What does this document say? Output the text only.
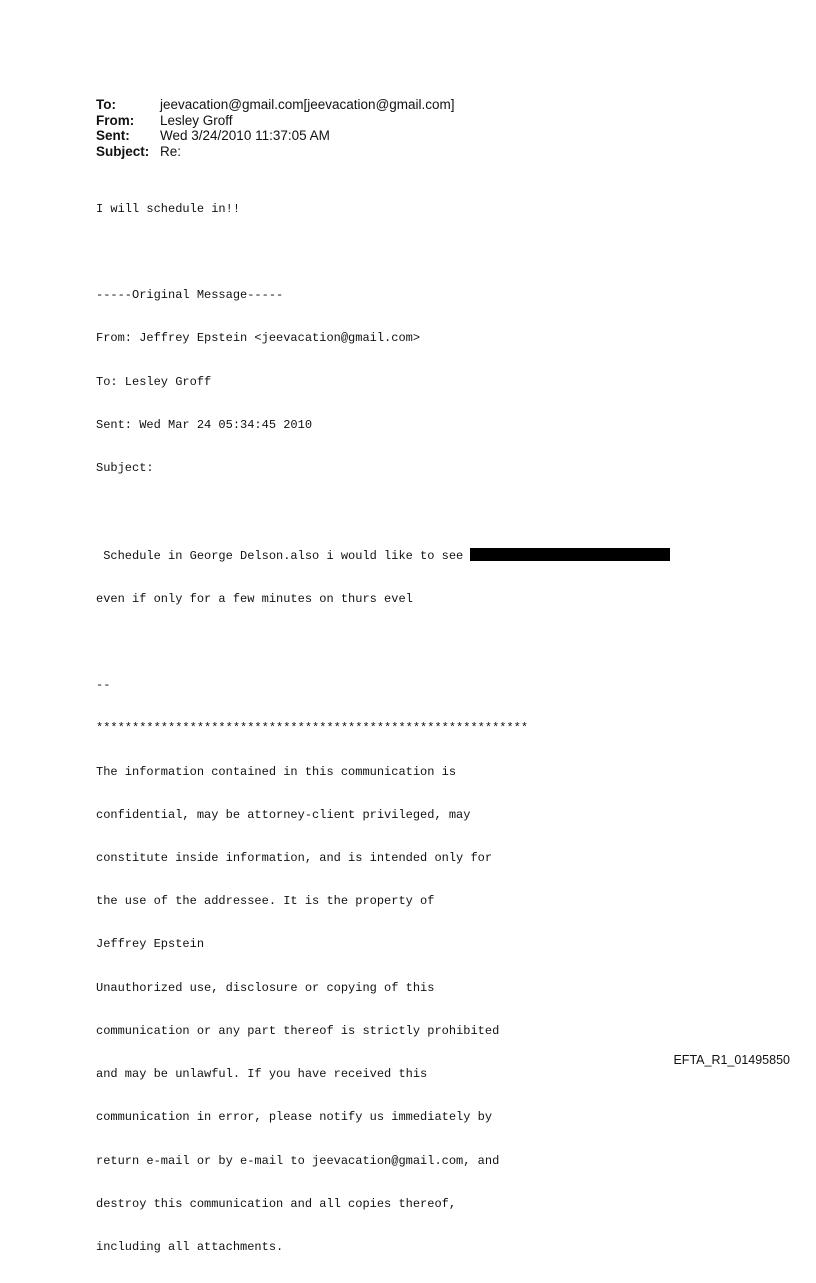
To:	jeevacation@gmail.com[jeevacation@gmail.com]
From:	Lesley Groff
Sent:	Wed 3/24/2010 11:37:05 AM
Subject: Re:

I will schedule in!!

-----Original Message-----

From: Jeffrey Epstein <jeevacation@gmail.com>

To: Lesley Groff

Sent: Wed Mar 24 05:34:45 2010

Subject:

Schedule in George Delson.also i would like to see

even if only for a few minutes on thurs evel

--

************************************************************

The information contained in this communication is

confidential, may be attorney-client privileged, may

constitute inside information, and is intended only for

the use of the addressee. It is the property of

Jeffrey Epstein

Unauthorized use, disclosure or copying of this

communication or any part thereof is strictly prohibited

and may be unlawful. If you have received this

communication in error, please notify us immediately by

return e-mail or by e-mail to jeevacation@gmail.com, and

destroy this communication and all copies thereof,

including all attachments.

EFTA_R1_01495850
